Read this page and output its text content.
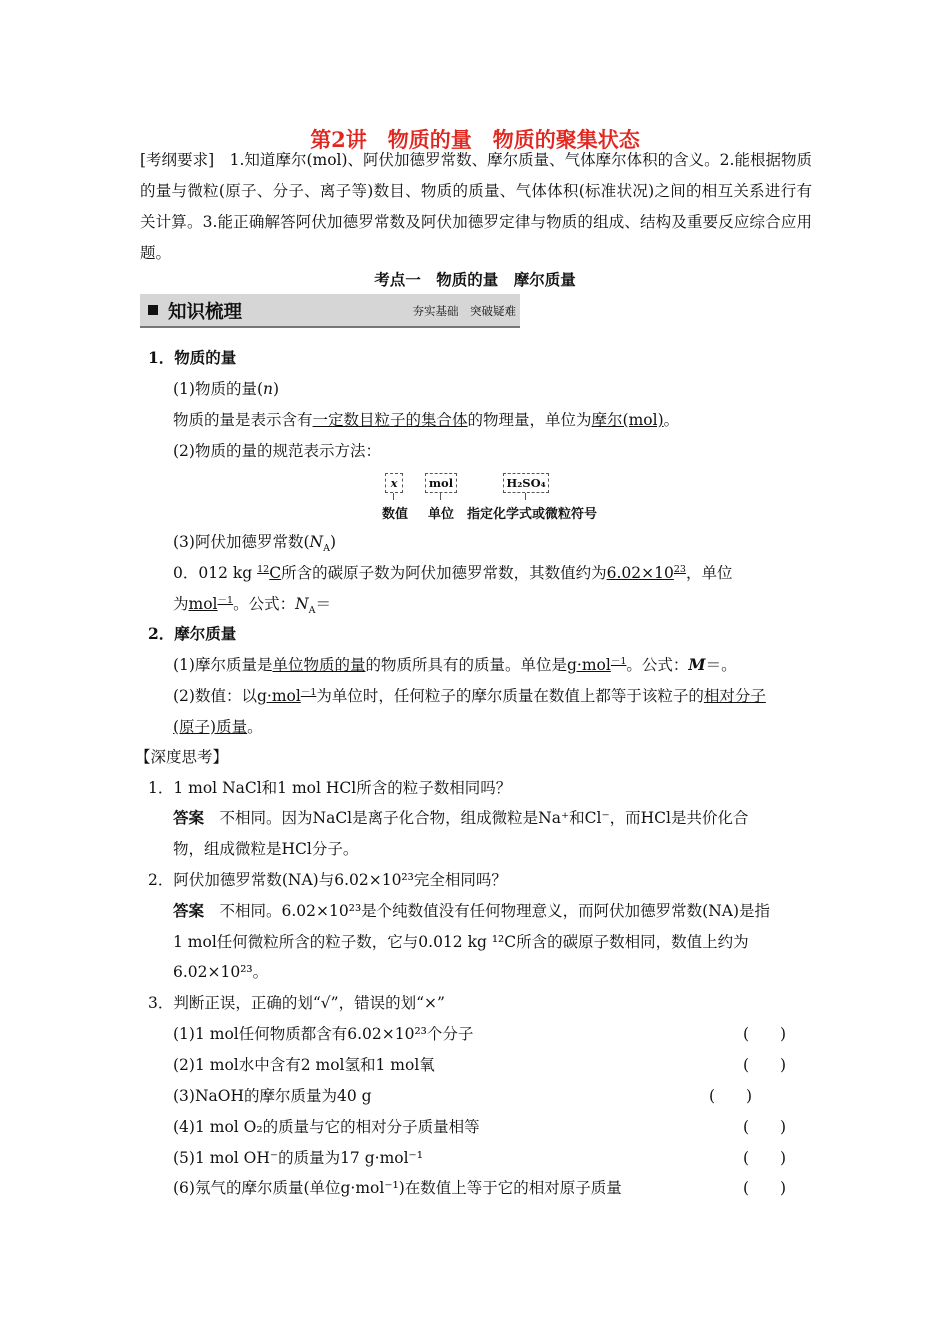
第2讲　物质的量　物质的聚集状态
[考纲要求]　1.知道摩尔(mol)、阿伏加德罗常数、摩尔质量、气体摩尔体积的含义。2.能根据物质的量与微粒(原子、分子、离子等)数目、物质的质量、气体体积(标准状况)之间的相互关系进行有关计算。3.能正确解答阿伏加德罗常数及阿伏加德罗定律与物质的组成、结构及重要反应综合应用题。
考点一　物质的量　摩尔质量
知识梳理	夯实基础　突破疑难
1．物质的量
(1)物质的量(n)
物质的量是表示含有一定数目粒子的集合体的物理量，单位为摩尔(mol)。
(2)物质的量的规范表示方法：
x	mol	H₂SO₄
数值 单位 指定化学式或微粒符号
(3)阿伏加德罗常数$(N_A)$
0．012 kg $^{12}$C所含的碳原子数为阿伏加德罗常数，其数值约为$6.02\times 10^{23}$，单位
为mol$^{-1}$。公式：$N_A=$
2．摩尔质量
(1)摩尔质量是单位物质的量的物质所具有的质量。单位是g·mol$^{-1}$。公式：M＝。
(2)数值：以g·mol$^{-1}$为单位时，任何粒子的摩尔质量在数值上都等于该粒子的相对分子
(原子)质量。
【深度思考】
1．1 mol NaCl和1 mol HCl所含的粒子数相同吗？
答案　不相同。因为NaCl是离子化合物，组成微粒是Na⁺和Cl⁻，而HCl是共价化合
物，组成微粒是HCl分子。
2．阿伏加德罗常数(NA)与6.02×10²³完全相同吗？
答案　不相同。6.02×10²³是个纯数值没有任何物理意义，而阿伏加德罗常数(NA)是指
1 mol任何微粒所含的粒子数，它与0.012 kg ¹²C所含的碳原子数相同，数值上约为
6.02×10²³。
3．判断正误，正确的划“√”，错误的划“×”
(1)1 mol任何物质都含有6.02×10²³个分子	(　　)
(2)1 mol水中含有2 mol氢和1 mol氧	(　　)
(3)NaOH的摩尔质量为40 g	(　　)
(4)1 mol O₂的质量与它的相对分子质量相等	(　　)
(5)1 mol OH⁻的质量为17 g·mol⁻¹	(　　)
(6)氖气的摩尔质量(单位g·mol⁻¹)在数值上等于它的相对原子质量	(　　)
